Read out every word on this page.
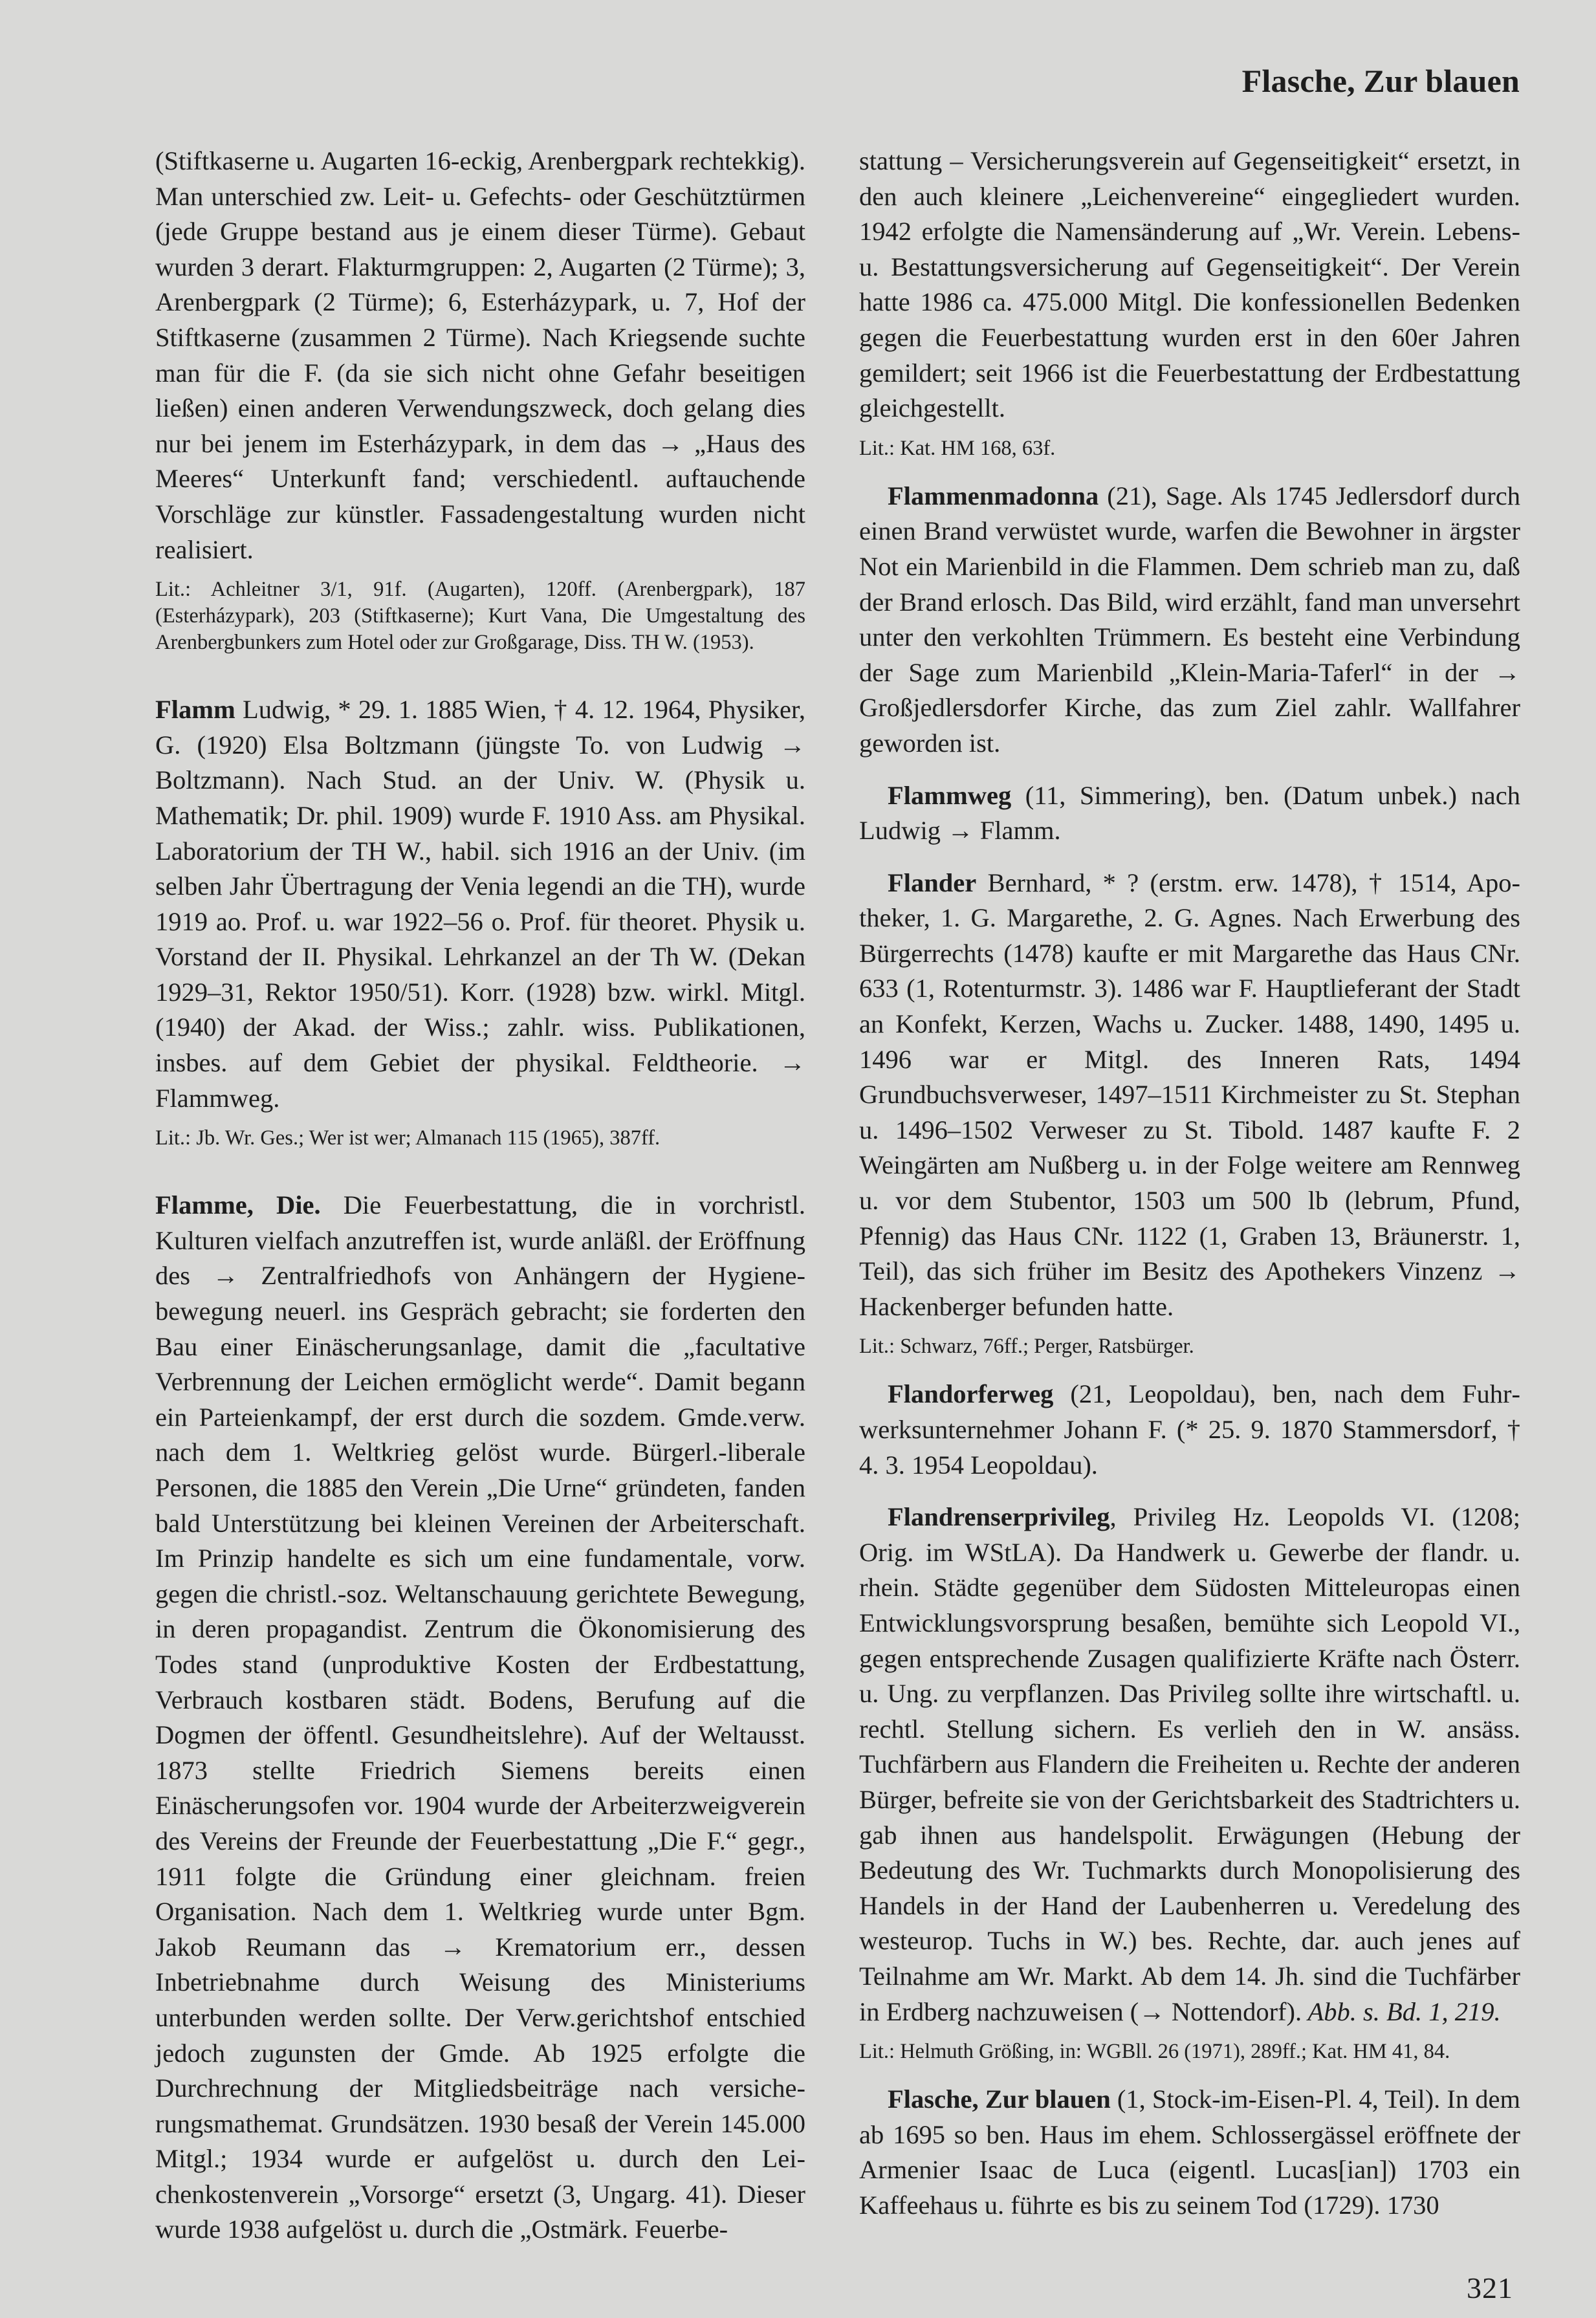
Flasche, Zur blauen

(Stiftkaserne u. Augarten 16-eckig, Arenbergpark rechtekkig). Man unterschied zw. Leit- u. Gefechts- oder Geschütztürmen (jede Gruppe bestand aus je einem dieser Türme). Gebaut wurden 3 derart. Flakturmgruppen: 2, Augarten (2 Türme); 3, Arenbergpark (2 Türme); 6, Esterházypark, u. 7, Hof der Stiftkaserne (zusammen 2 Türme). Nach Kriegsende suchte man für die F. (da sie sich nicht ohne Gefahr beseitigen ließen) einen anderen Verwendungszweck, doch gelang dies nur bei jenem im Esterházypark, in dem das → „Haus des Meeres“ Unterkunft fand; verschiedentl. auftauchende Vorschläge zur künstler. Fassadengestaltung wurden nicht realisiert.

Lit.: Achleitner 3/1, 91f. (Augarten), 120ff. (Arenbergpark), 187 (Esterházypark), 203 (Stiftkaserne); Kurt Vana, Die Umgestaltung des Arenbergbunkers zum Hotel oder zur Großgarage, Diss. TH W. (1953).

Flamm Ludwig, * 29. 1. 1885 Wien, † 4. 12. 1964, Physiker, G. (1920) Elsa Boltzmann (jüngste To. von Ludwig → Boltzmann). Nach Stud. an der Univ. W. (Physik u. Mathematik; Dr. phil. 1909) wurde F. 1910 Ass. am Physikal. Laboratorium der TH W., habil. sich 1916 an der Univ. (im selben Jahr Übertragung der Venia legendi an die TH), wurde 1919 ao. Prof. u. war 1922–56 o. Prof. für theoret. Physik u. Vorstand der II. Physikal. Lehrkanzel an der Th W. (Dekan 1929–31, Rektor 1950/51). Korr. (1928) bzw. wirkl. Mitgl. (1940) der Akad. der Wiss.; zahlr. wiss. Publikationen, insbes. auf dem Gebiet der physikal. Feldtheorie. → Flammweg.

Lit.: Jb. Wr. Ges.; Wer ist wer; Almanach 115 (1965), 387ff.

Flamme, Die. Die Feuerbestattung, die in vorchristl. Kulturen vielfach anzutreffen ist, wurde anläßl. der Eröffnung des → Zentralfriedhofs von Anhängern der Hygienebewegung neuerl. ins Gespräch gebracht; sie forderten den Bau einer Einäscherungsanlage, damit die „facultative Verbrennung der Leichen ermöglicht werde“. Damit begann ein Parteienkampf, der erst durch die sozdem. Gmde.verw. nach dem 1. Weltkrieg gelöst wurde. Bürgerl.-liberale Personen, die 1885 den Verein „Die Urne“ gründeten, fanden bald Unterstützung bei kleinen Vereinen der Arbeiterschaft. Im Prinzip handelte es sich um eine fundamentale, vorw. gegen die christl.-soz. Weltanschauung gerichtete Bewegung, in deren propagandist. Zentrum die Ökonomisierung des Todes stand (unproduktive Kosten der Erdbestattung, Verbrauch kostbaren städt. Bodens, Berufung auf die Dogmen der öffentl. Gesundheitslehre). Auf der Weltausst. 1873 stellte Friedrich Siemens bereits einen Einäscherungsofen vor. 1904 wurde der Arbeiterzweigverein des Vereins der Freunde der Feuerbestattung „Die F.“ gegr., 1911 folgte die Gründung einer gleichnam. freien Organisation. Nach dem 1. Weltkrieg wurde unter Bgm. Jakob Reumann das → Krematorium err., dessen Inbetriebnahme durch Weisung des Ministeriums unterbunden werden sollte. Der Verw.gerichtshof entschied jedoch zugunsten der Gmde. Ab 1925 erfolgte die Durchrechnung der Mitgliedsbeiträge nach versicherungsmathemat. Grundsätzen. 1930 besaß der Verein 145.000 Mitgl.; 1934 wurde er aufgelöst u. durch den Leichenkostenverein „Vorsorge“ ersetzt (3, Ungarg. 41). Dieser wurde 1938 aufgelöst u. durch die „Ostmärk. Feuerbe-

stattung – Versicherungsverein auf Gegenseitigkeit“ ersetzt, in den auch kleinere „Leichenvereine“ eingegliedert wurden. 1942 erfolgte die Namensänderung auf „Wr. Verein. Lebens- u. Bestattungsversicherung auf Gegenseitigkeit“. Der Verein hatte 1986 ca. 475.000 Mitgl. Die konfessionellen Bedenken gegen die Feuerbestattung wurden erst in den 60er Jahren gemildert; seit 1966 ist die Feuerbestattung der Erdbestattung gleichgestellt.

Lit.: Kat. HM 168, 63f.

Flammenmadonna (21), Sage. Als 1745 Jedlersdorf durch einen Brand verwüstet wurde, warfen die Bewohner in ärgster Not ein Marienbild in die Flammen. Dem schrieb man zu, daß der Brand erlosch. Das Bild, wird erzählt, fand man unversehrt unter den verkohlten Trümmern. Es besteht eine Verbindung der Sage zum Marienbild „Klein-Maria-Taferl“ in der → Großjedlersdorfer Kirche, das zum Ziel zahlr. Wallfahrer geworden ist.

Flammweg (11, Simmering), ben. (Datum unbek.) nach Ludwig → Flamm.

Flander Bernhard, * ? (erstm. erw. 1478), † 1514, Apotheker, 1. G. Margarethe, 2. G. Agnes. Nach Erwerbung des Bürgerrechts (1478) kaufte er mit Margarethe das Haus CNr. 633 (1, Rotenturmstr. 3). 1486 war F. Hauptlieferant der Stadt an Konfekt, Kerzen, Wachs u. Zucker. 1488, 1490, 1495 u. 1496 war er Mitgl. des Inneren Rats, 1494 Grundbuchsverweser, 1497–1511 Kirchmeister zu St. Stephan u. 1496–1502 Verweser zu St. Tibold. 1487 kaufte F. 2 Weingärten am Nußberg u. in der Folge weitere am Rennweg u. vor dem Stubentor, 1503 um 500 lb (lebrum, Pfund, Pfennig) das Haus CNr. 1122 (1, Graben 13, Bräunerstr. 1, Teil), das sich früher im Besitz des Apothekers Vinzenz → Hackenberger befunden hatte.

Lit.: Schwarz, 76ff.; Perger, Ratsbürger.

Flandorferweg (21, Leopoldau), ben, nach dem Fuhrwerksunternehmer Johann F. (* 25. 9. 1870 Stammersdorf, † 4. 3. 1954 Leopoldau).

Flandrenserprivileg, Privileg Hz. Leopolds VI. (1208; Orig. im WStLA). Da Handwerk u. Gewerbe der flandr. u. rhein. Städte gegenüber dem Südosten Mitteleuropas einen Entwicklungsvorsprung besaßen, bemühte sich Leopold VI., gegen entsprechende Zusagen qualifizierte Kräfte nach Österr. u. Ung. zu verpflanzen. Das Privileg sollte ihre wirtschaftl. u. rechtl. Stellung sichern. Es verlieh den in W. ansäss. Tuchfärbern aus Flandern die Freiheiten u. Rechte der anderen Bürger, befreite sie von der Gerichtsbarkeit des Stadtrichters u. gab ihnen aus handelspolit. Erwägungen (Hebung der Bedeutung des Wr. Tuchmarkts durch Monopolisierung des Handels in der Hand der Laubenherren u. Veredelung des westeurop. Tuchs in W.) bes. Rechte, dar. auch jenes auf Teilnahme am Wr. Markt. Ab dem 14. Jh. sind die Tuchfärber in Erdberg nachzuweisen (→ Nottendorf). Abb. s. Bd. 1, 219.

Lit.: Helmuth Größing, in: WGBll. 26 (1971), 289ff.; Kat. HM 41, 84.

Flasche, Zur blauen (1, Stock-im-Eisen-Pl. 4, Teil). In dem ab 1695 so ben. Haus im ehem. Schlossergässel eröffnete der Armenier Isaac de Luca (eigentl. Lucas[ian]) 1703 ein Kaffeehaus u. führte es bis zu seinem Tod (1729). 1730

321
